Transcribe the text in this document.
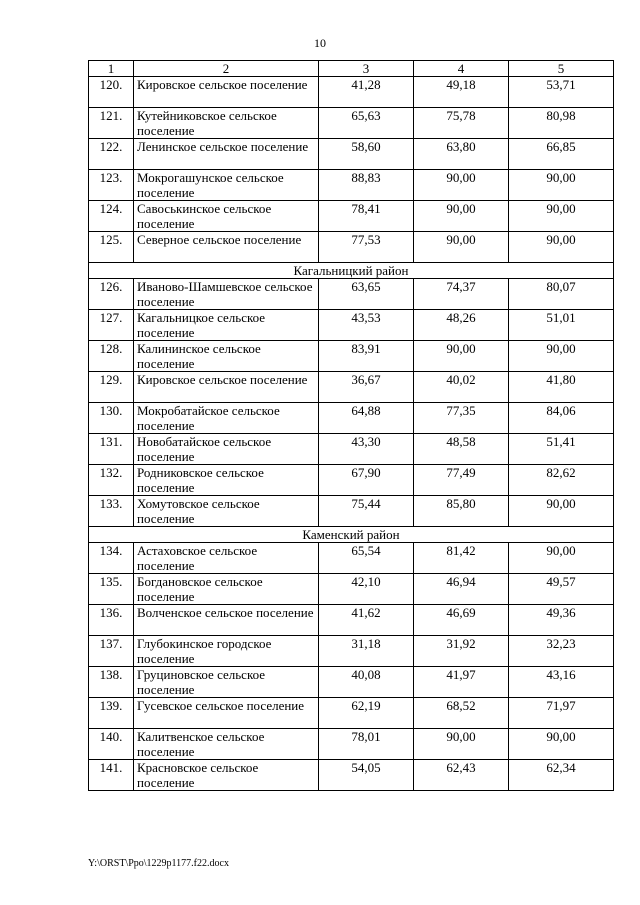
10
1	2	3	4	5
120.	Кировское сельское поселение	41,28	49,18	53,71
121.	Кутейниковское сельское поселение	65,63	75,78	80,98
122.	Ленинское сельское поселение	58,60	63,80	66,85
123.	Мокрогашунское сельское поселение	88,83	90,00	90,00
124.	Савоськинское сельское поселение	78,41	90,00	90,00
125.	Северное сельское поселение	77,53	90,00	90,00
Кагальницкий район				
126.	Иваново-Шамшевское сельское поселение	63,65	74,37	80,07
127.	Кагальницкое сельское поселение	43,53	48,26	51,01
128.	Калининское сельское поселение	83,91	90,00	90,00
129.	Кировское сельское поселение	36,67	40,02	41,80
130.	Мокробатайское сельское поселение	64,88	77,35	84,06
131.	Новобатайское сельское поселение	43,30	48,58	51,41
132.	Родниковское сельское поселение	67,90	77,49	82,62
133.	Хомутовское сельское поселение	75,44	85,80	90,00
Каменский район				
134.	Астаховское сельское поселение	65,54	81,42	90,00
135.	Богдановское сельское поселение	42,10	46,94	49,57
136.	Волченское сельское поселение	41,62	46,69	49,36
137.	Глубокинское городское поселение	31,18	31,92	32,23
138.	Груциновское сельское поселение	40,08	41,97	43,16
139.	Гусевское сельское поселение	62,19	68,52	71,97
140.	Калитвенское сельское поселение	78,01	90,00	90,00
141.	Красновское сельское поселение	54,05	62,43	62,34
Y:\ORST\Ppo\1229p1177.f22.docx
